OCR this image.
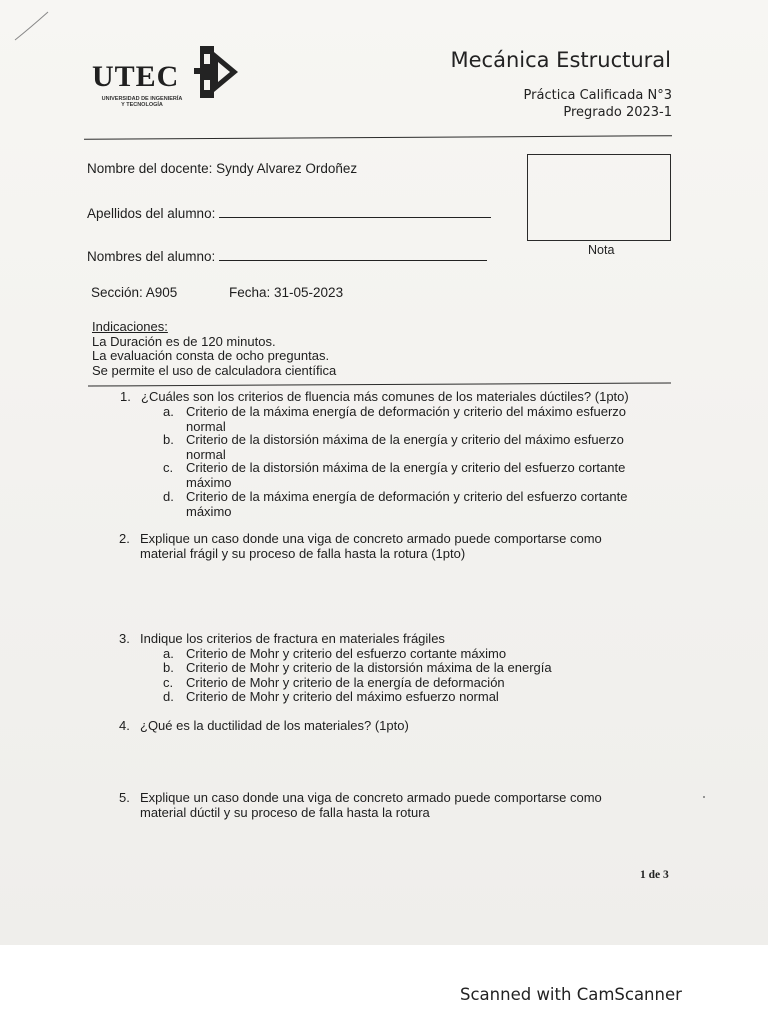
UTEC
UNIVERSIDAD DE INGENIERÍA
Y TECNOLOGÍA
Mecánica Estructural
Práctica Calificada N°3
Pregrado 2023-1
Nombre del docente: Syndy Alvarez Ordoñez
Apellidos del alumno:
Nombres del alumno:	Nota
Sección: A905	Fecha: 31-05-2023
Indicaciones:
La Duración es de 120 minutos.
La evaluación consta de ocho preguntas.
Se permite el uso de calculadora científica
1. ¿Cuáles son los criterios de fluencia más comunes de los materiales dúctiles? (1pto)
a. Criterio de la máxima energía de deformación y criterio del máximo esfuerzo
normal
b. Criterio de la distorsión máxima de la energía y criterio del máximo esfuerzo
normal
c. Criterio de la distorsión máxima de la energía y criterio del esfuerzo cortante
máximo
d. Criterio de la máxima energía de deformación y criterio del esfuerzo cortante
máximo
2. Explique un caso donde una viga de concreto armado puede comportarse como
material frágil y su proceso de falla hasta la rotura (1pto)
3. Indique los criterios de fractura en materiales frágiles
a. Criterio de Mohr y criterio del esfuerzo cortante máximo
b. Criterio de Mohr y criterio de la distorsión máxima de la energía
c. Criterio de Mohr y criterio de la energía de deformación
d. Criterio de Mohr y criterio del máximo esfuerzo normal
4. ¿Qué es la ductilidad de los materiales? (1pto)
5. Explique un caso donde una viga de concreto armado puede comportarse como
material dúctil y su proceso de falla hasta la rotura
1 de 3
Scanned with CamScanner
